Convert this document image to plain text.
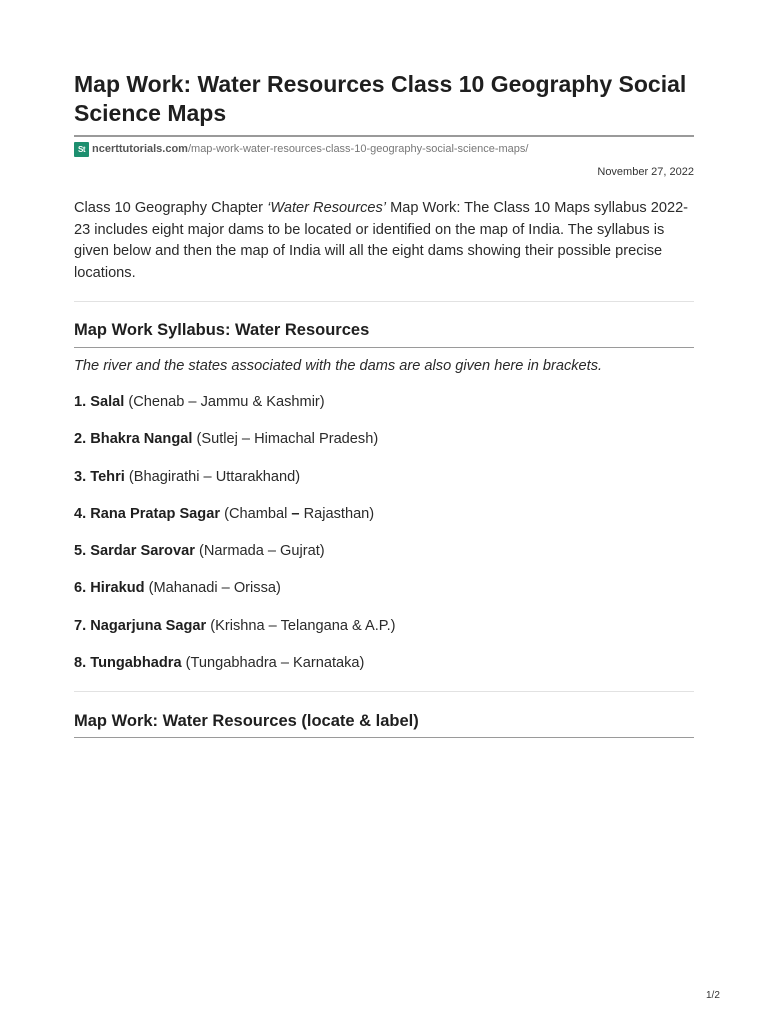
Map Work: Water Resources Class 10 Geography Social Science Maps
St ncerttutorials.com /map-work-water-resources-class-10-geography-social-science-maps/
November 27, 2022

Class 10 Geography Chapter ‘Water Resources’ Map Work: The Class 10 Maps syllabus 2022-23 includes eight major dams to be located or identified on the map of India. The syllabus is given below and then the map of India will all the eight dams showing their possible precise locations.

Map Work Syllabus: Water Resources

The river and the states associated with the dams are also given here in brackets.

1. Salal (Chenab – Jammu & Kashmir)
2. Bhakra Nangal (Sutlej – Himachal Pradesh)
3. Tehri (Bhagirathi – Uttarakhand)
4. Rana Pratap Sagar (Chambal – Rajasthan)
5. Sardar Sarovar (Narmada – Gujrat)
6. Hirakud (Mahanadi – Orissa)
7. Nagarjuna Sagar (Krishna – Telangana & A.P.)
8. Tungabhadra (Tungabhadra – Karnataka)
Map Work: Water Resources (locate & label)
1/2
